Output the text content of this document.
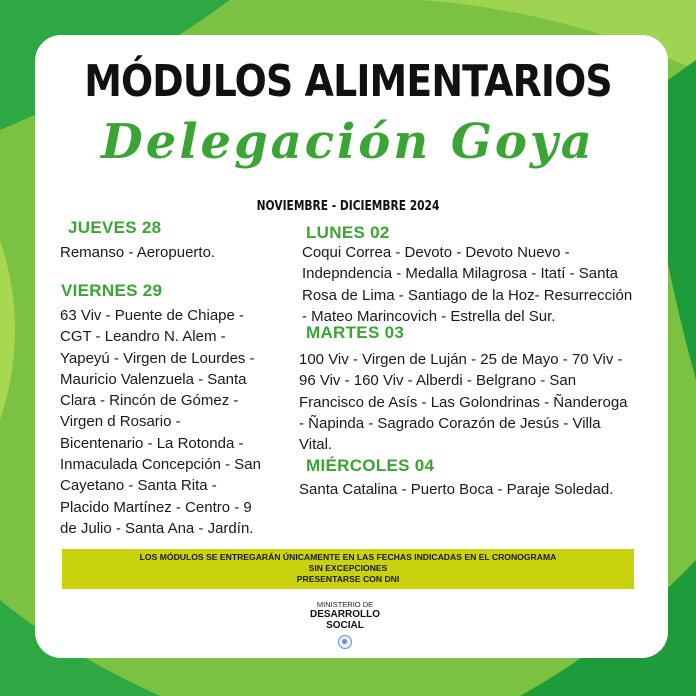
MÓDULOS ALIMENTARIOS
Delegación Goya
NOVIEMBRE - DICIEMBRE 2024
JUEVES 28
Remanso - Aeropuerto.
VIERNES 29
63 Viv - Puente de Chiape -
CGT - Leandro N. Alem -
Yapeyú - Virgen de Lourdes -
Mauricio Valenzuela - Santa
Clara - Rincón de Gómez -
Virgen d Rosario -
Bicentenario - La Rotonda -
Inmaculada Concepción - San
Cayetano - Santa Rita -
Placido Martínez - Centro - 9
de Julio - Santa Ana - Jardín.
LUNES 02
Coqui Correa - Devoto - Devoto Nuevo -
Indepndencia - Medalla Milagrosa - Itatí - Santa
Rosa de Lima - Santiago de la Hoz- Resurrección
- Mateo Marincovich - Estrella del Sur.
MARTES 03
100 Viv - Virgen de Luján - 25 de Mayo - 70 Viv -
96 Viv - 160 Viv - Alberdi - Belgrano - San
Francisco de Asís - Las Golondrinas - Ñanderoga
- Ñapinda - Sagrado Corazón de Jesús - Villa
Vital.
MIÉRCOLES 04
Santa Catalina - Puerto Boca - Paraje Soledad.
LOS MÓDULOS SE ENTREGARÁN ÚNICAMENTE EN LAS FECHAS INDICADAS EN EL CRONOGRAMA
SIN EXCEPCIONES
PRESENTARSE CON DNI
MINISTERIO DE
DESARROLLO
SOCIAL
